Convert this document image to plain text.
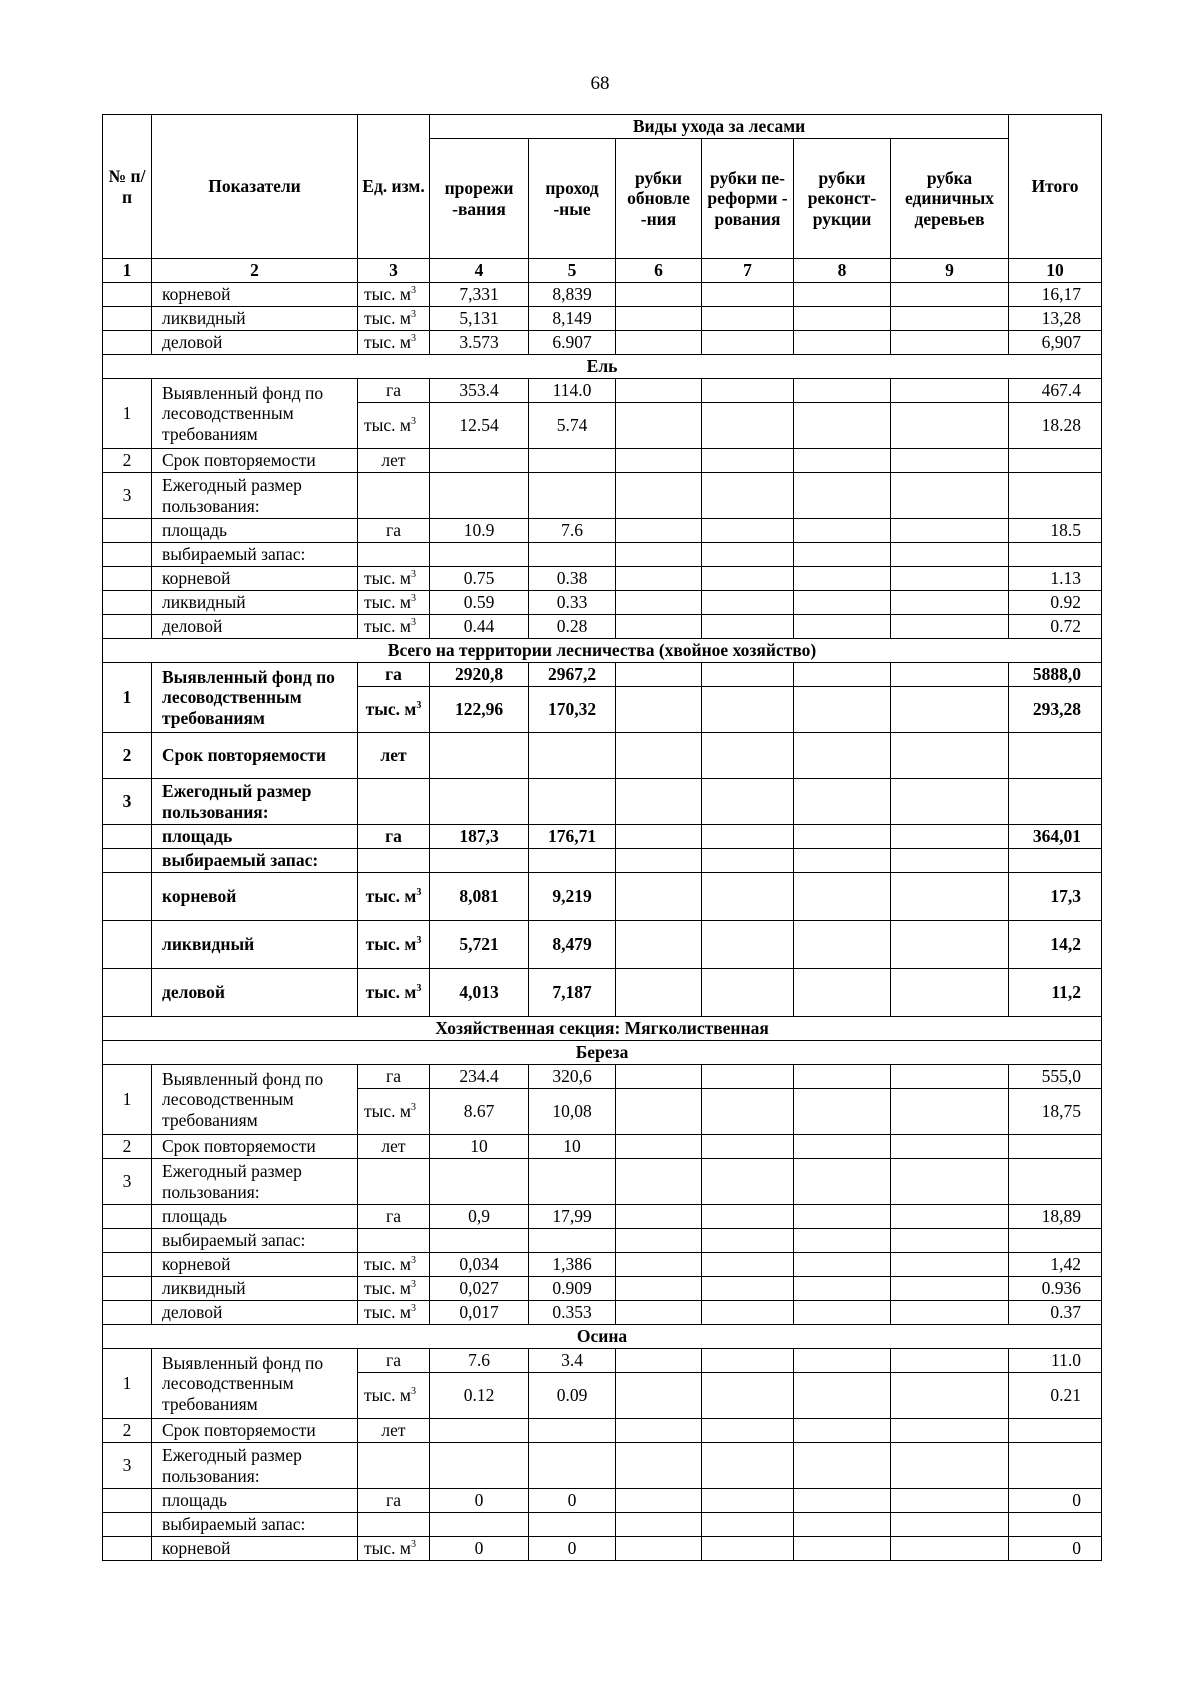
68
№ п/п	Показатели	Ед. изм.	Виды ухода за лесами						Итого
			прорежи -вания	проход -ные	рубки обновле -ния	рубки пе- реформи - рования	рубки реконст- рукции	рубка единичных деревьев	
1	2	3	4	5	6	7	8	9	10
	корневой	тыс. $м^3$	7,331	8,839					16,17
	ликвидный	тыс. $м^3$	5,131	8,149					13,28
	деловой	тыс. $м^3$	3.573	6.907					6,907
Ель									
1	Выявленный фонд по лесоводственным требованиям	га	353.4	114.0					467.4
		тыс. $м^3$	12.54	5.74					18.28
2	Срок повторяемости	лет							
3	Ежегодный размер пользования:								
	площадь	га	10.9	7.6					18.5
	выбираемый запас:								
	корневой	тыс. $м^3$	0.75	0.38					1.13
	ликвидный	тыс. $м^3$	0.59	0.33					0.92
	деловой	тыс. $м^3$	0.44	0.28					0.72
Всего на территории лесничества (хвойное хозяйство)									
1	Выявленный фонд по лесоводственным требованиям	га	2920,8	2967,2					5888,0
		тыс. $м^3$	122,96	170,32					293,28
2	Срок повторяемости	лет							
3	Ежегодный размер пользования:								
	площадь	га	187,3	176,71					364,01
	выбираемый запас:								
	корневой	тыс. $м^3$	8,081	9,219					17,3
	ликвидный	тыс. $м^3$	5,721	8,479					14,2
	деловой	тыс. $м^3$	4,013	7,187					11,2
Хозяйственная секция: Мягколиственная									
Береза									
1	Выявленный фонд по лесоводственным требованиям	га	234.4	320,6					555,0
		тыс. $м^3$	8.67	10,08					18,75
2	Срок повторяемости	лет	10	10					
3	Ежегодный размер пользования:								
	площадь	га	0,9	17,99					18,89
	выбираемый запас:								
	корневой	тыс. $м^3$	0,034	1,386					1,42
	ликвидный	тыс. $м^3$	0,027	0.909					0.936
	деловой	тыс. $м^3$	0,017	0.353					0.37
Осина									
1	Выявленный фонд по лесоводственным требованиям	га	7.6	3.4					11.0
		тыс. $м^3$	0.12	0.09					0.21
2	Срок повторяемости	лет							
3	Ежегодный размер пользования:								
	площадь	га	0	0					0
	выбираемый запас:								
	корневой	тыс. $м^3$	0	0					0
